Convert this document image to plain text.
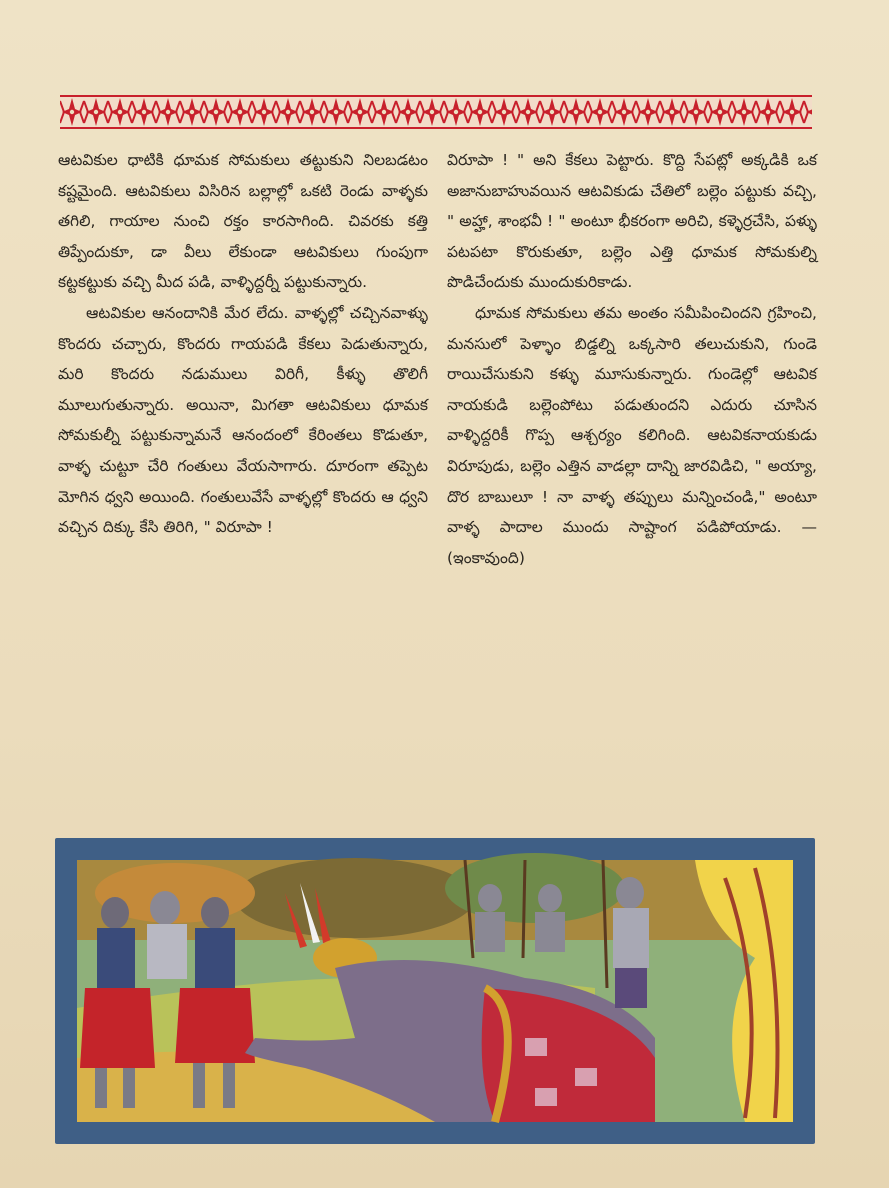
ఆటవికుల ధాటికి ధూమక సోమకులు తట్టుకుని నిలబడటం కష్టమైంది. ఆటవికులు విసిరిన బల్లాల్లో ఒకటి రెండు వాళ్ళకు తగిలి, గాయాల నుంచి రక్తం కారసాగింది. చివరకు కత్తి తిప్పేందుకూ, డా వీలు లేకుండా ఆటవికులు గుంపుగా కట్టకట్టుకు వచ్చి మీద పడి, వాళ్ళిద్దర్నీ పట్టుకున్నారు.

ఆటవికుల ఆనందానికి మేర లేదు. వాళ్ళల్లో చచ్చినవాళ్ళు కొందరు చచ్చారు, కొందరు గాయపడి కేకలు పెడుతున్నారు, మరి కొందరు నడుములు విరిగీ, కీళ్ళు తొలిగీ మూలుగుతున్నారు. అయినా, మిగతా ఆటవికులు ధూమక సోమకుల్నీ పట్టుకున్నామనే ఆనందంలో కేరింతలు కొడుతూ, వాళ్ళ చుట్టూ చేరి గంతులు వేయసాగారు. దూరంగా తప్పెట మోగిన ధ్వని అయింది. గంతులువేసే వాళ్ళల్లో కొందరు ఆ ధ్వని వచ్చిన దిక్కు కేసి తిరిగి, " విరూపా !

విరూపా ! " అని కేకలు పెట్టారు. కొద్ది సేపట్లో అక్కడికి ఒక అజానుబాహువయిన ఆటవికుడు చేతిలో బల్లెం పట్టుకు వచ్చి, " అహ్హా, శాంభవీ ! " అంటూ భీకరంగా అరిచి, కళ్ళెర్రచేసి, పళ్ళు పటపటా కొరుకుతూ, బల్లెం ఎత్తి ధూమక సోమకుల్ని పొడిచేందుకు ముందుకురికాడు.

ధూమక సోమకులు తమ అంతం సమీపించిందని గ్రహించి, మనసులో పెళ్ళాం బిడ్డల్ని ఒక్కసారి తలుచుకుని, గుండె రాయిచేసుకుని కళ్ళు మూసుకున్నారు. గుండెల్లో ఆటవిక నాయకుడి బల్లెంపోటు పడుతుందని ఎదురు చూసిన వాళ్ళిద్దరికీ గొప్ప ఆశ్చర్యం కలిగింది. ఆటవికనాయకుడు విరూపుడు, బల్లెం ఎత్తిన వాడల్లా దాన్ని జారవిడిచి, " అయ్యా, దొర బాబులూ ! నా వాళ్ళ తప్పులు మన్నించండి," అంటూ వాళ్ళ పాదాల ముందు సాష్టాంగ పడిపోయాడు. —(ఇంకావుంది)
